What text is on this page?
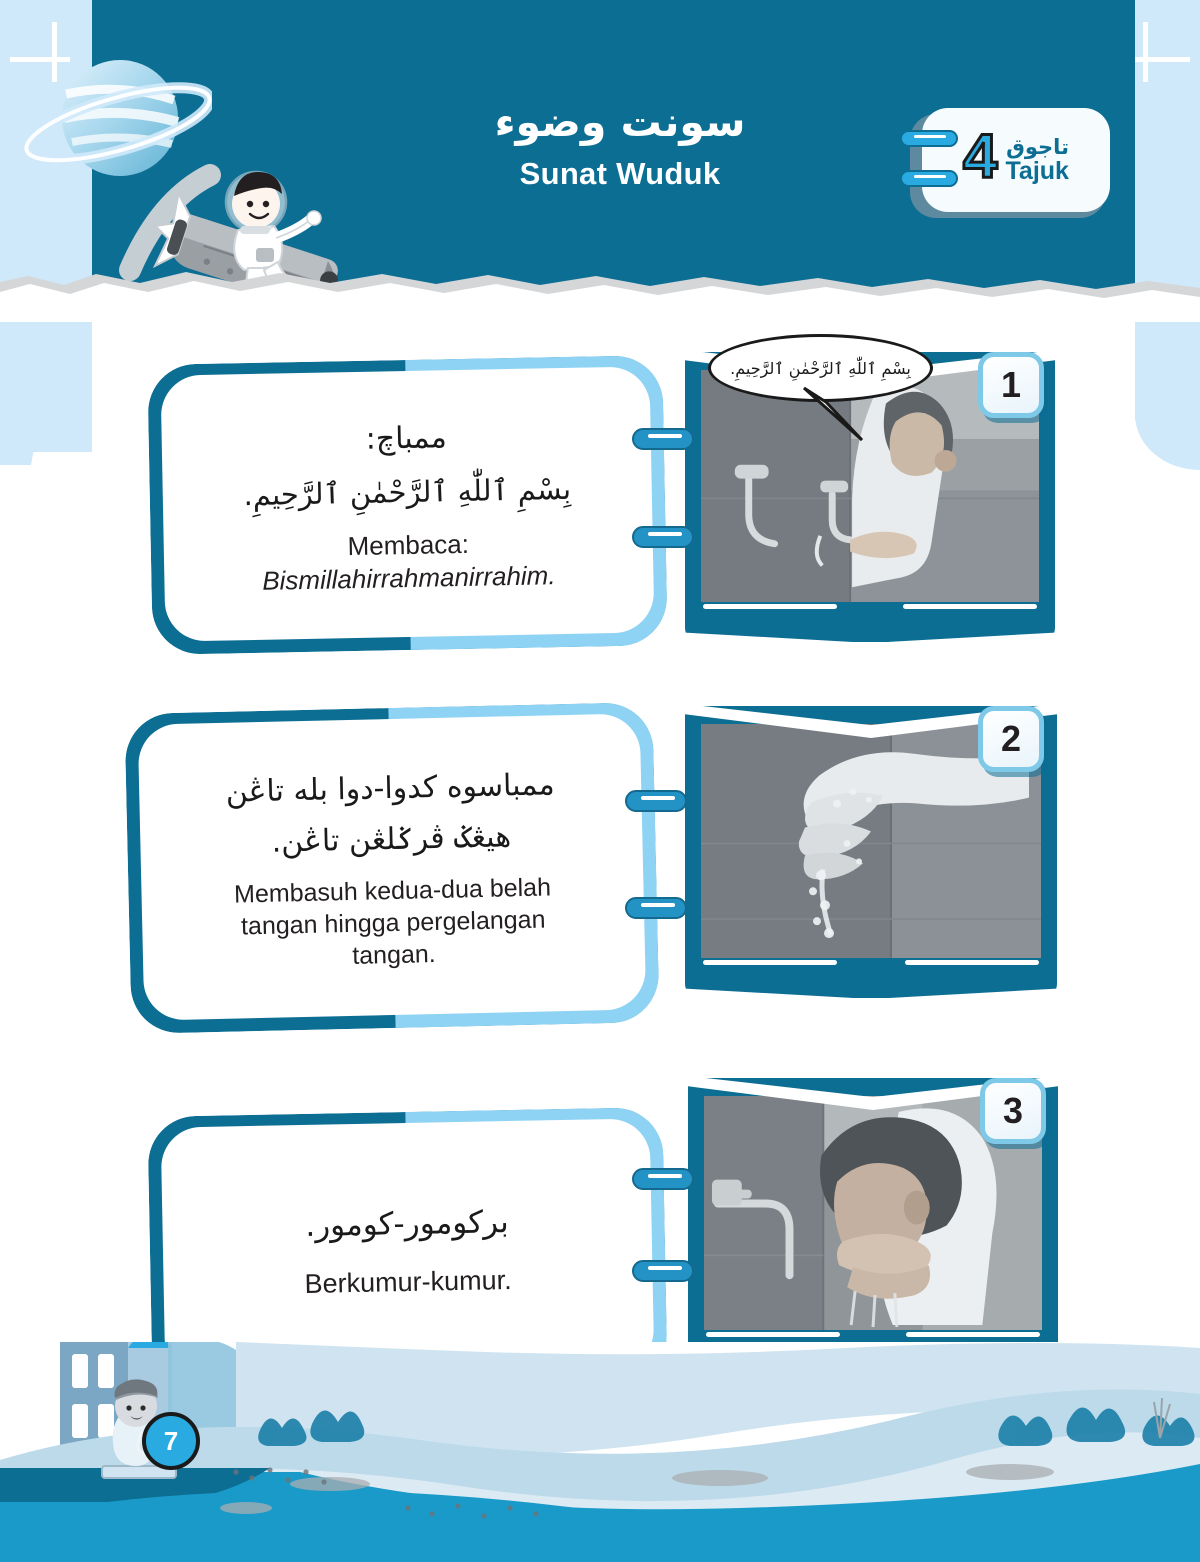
سونت وضوء
Sunat Wuduk	4 تاجوق
Tajuk
ممباچ:
بِسْمِ ٱللّٰهِ ٱلرَّحْمٰنِ ٱلرَّحِيمِ.
Membaca:
Bismillahirrahmanirrahim.
بِسْمِ ٱللّٰهِ ٱلرَّحْمٰنِ ٱلرَّحِيمِ.	1
ممباسوه كدوا-دوا بله تاڠن
هيڠݢ ڤرݢلڠن تاڠن.
Membasuh kedua-dua belah
tangan hingga pergelangan
tangan.
2
بركومور-كومور.
Berkumur-kumur.
3
7
